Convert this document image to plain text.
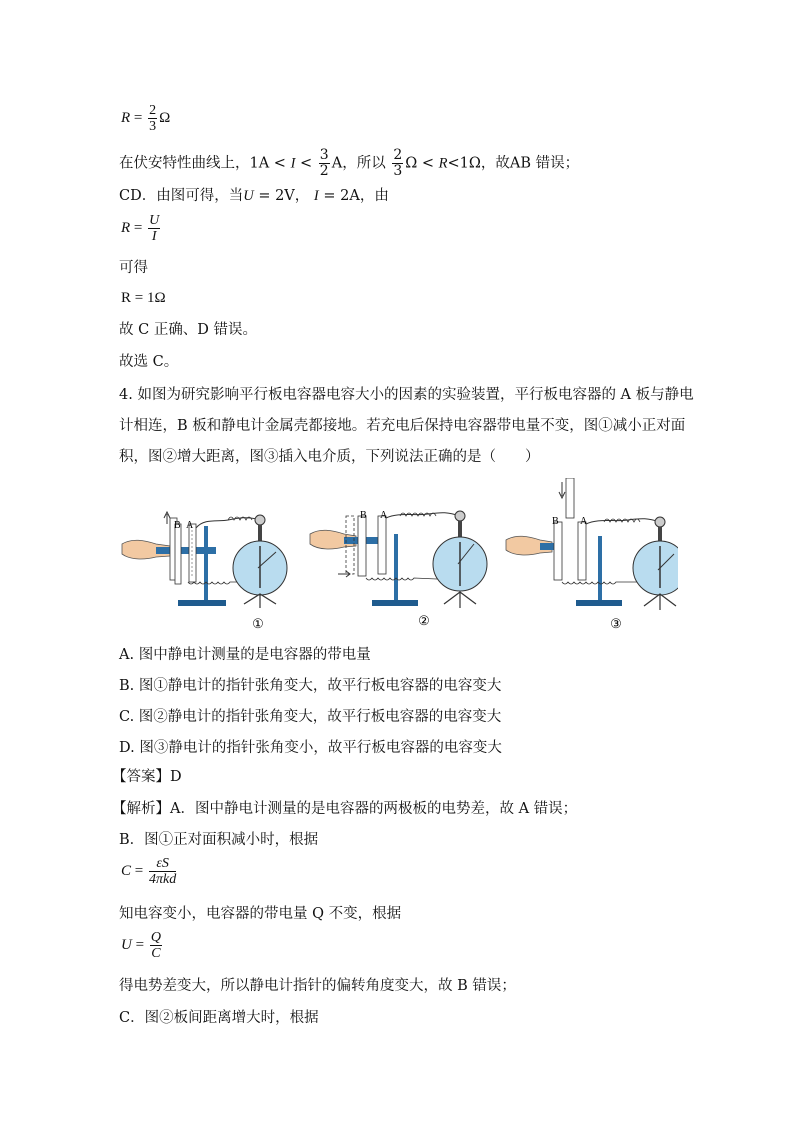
$R = \frac{2}{3}$ Ω
在伏安特性曲线上，$1A < I < \frac{3}{2}$ A，所以 $\frac{2}{3}$ Ω < R<1Ω，故AB 错误；
CD．由图可得，当U = 2V， I = 2A，由
$R = \frac{U}{I}$
可得
R = 1Ω
故 C 正确、D 错误。
故选 C。
4. 如图为研究影响平行板电容器电容大小的因素的实验装置，平行板电容器的 A 板与静电
计相连，B 板和静电计金属壳都接地。若充电后保持电容器带电量不变，图①减小正对面
积，图②增大距离，图③插入电介质，下列说法正确的是（　　）
B A
①
B A
②
B A
③
A. 图中静电计测量的是电容器的带电量
B. 图①静电计的指针张角变大，故平行板电容器的电容变大
C. 图②静电计的指针张角变大，故平行板电容器的电容变大
D. 图③静电计的指针张角变小，故平行板电容器的电容变大
【答案】D
【解析】A．图中静电计测量的是电容器的两极板的电势差，故 A 错误；
B．图①正对面积减小时，根据
$C = \frac{\varepsilon S}{\text{4πkd}}$
知电容变小，电容器的带电量 Q 不变，根据
$U = \frac{Q}{C}$
得电势差变大，所以静电计指针的偏转角度变大，故 B 错误；
C．图②板间距离增大时，根据
